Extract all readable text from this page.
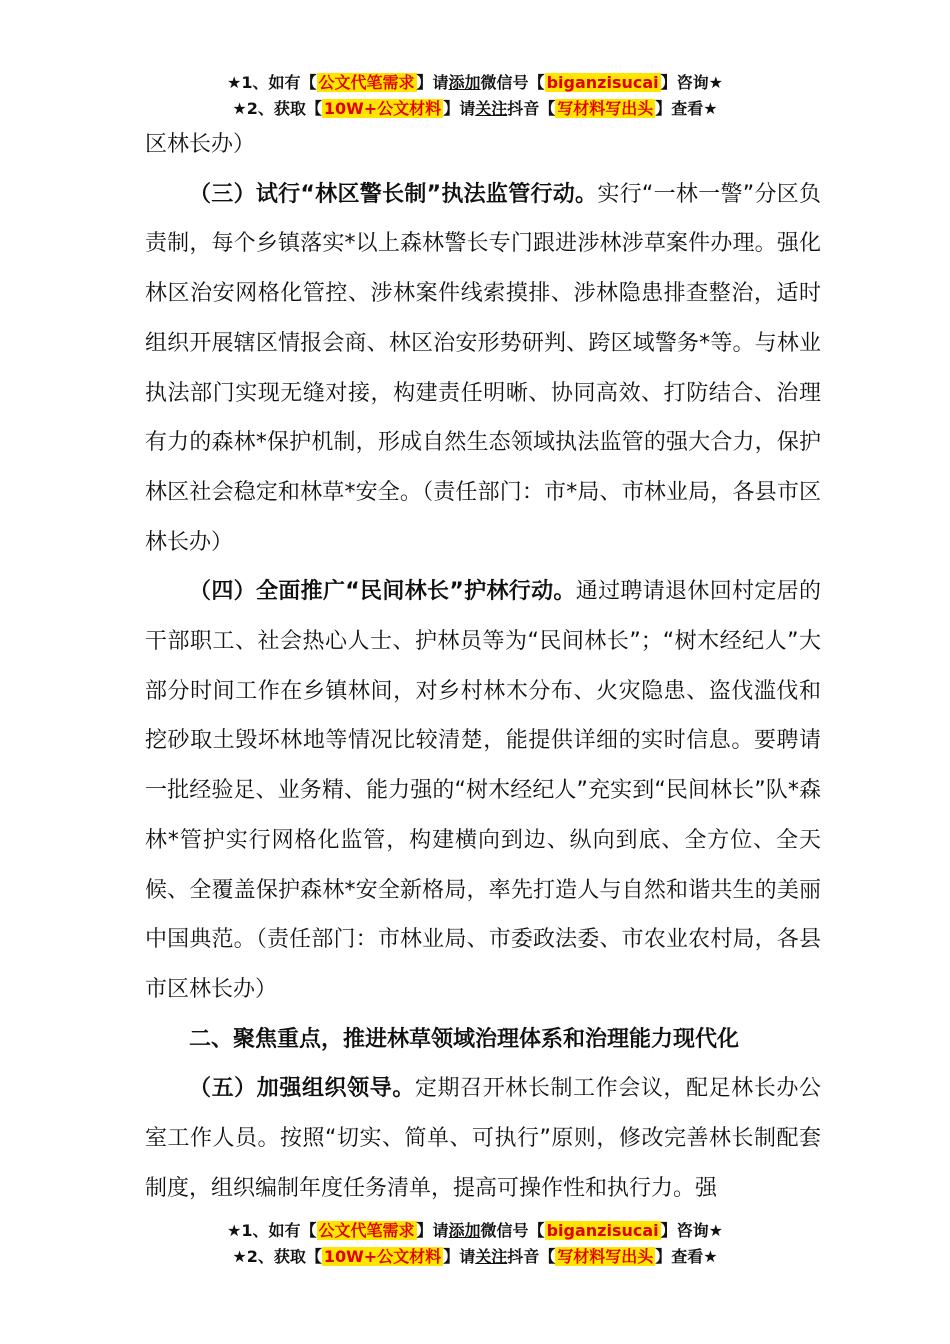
★1、如有【 公文代笔需求 】请添加微信号【 biganzisucai 】咨询★
★2、获取【 10W+公文材料 】请关注抖音【 写材料写出头 】查看★

区林长办）

（三）试行“林区警长制”执法监管行动。实行“一林一警”分区负责制，每个乡镇落实*以上森林警长专门跟进涉林涉草案件办理。强化林区治安网格化管控、涉林案件线索摸排、涉林隐患排查整治，适时组织开展辖区情报会商、林区治安形势研判、跨区域警务*等。与林业执法部门实现无缝对接，构建责任明晰、协同高效、打防结合、治理有力的森林*保护机制，形成自然生态领域执法监管的强大合力，保护林区社会稳定和林草*安全。（责任部门：市*局、市林业局，各县市区林长办）

（四）全面推广“民间林长”护林行动。通过聘请退休回村定居的干部职工、社会热心人士、护林员等为“民间林长”；“树木经纪人”大部分时间工作在乡镇林间，对乡村林木分布、火灾隐患、盗伐滥伐和挖砂取土毁坏林地等情况比较清楚，能提供详细的实时信息。要聘请一批经验足、业务精、能力强的“树木经纪人”充实到“民间林长”队*森林*管护实行网格化监管，构建横向到边、纵向到底、全方位、全天候、全覆盖保护森林*安全新格局，率先打造人与自然和谐共生的美丽中国典范。（责任部门：市林业局、市委政法委、市农业农村局，各县市区林长办）

二、聚焦重点，推进林草领域治理体系和治理能力现代化

（五）加强组织领导。定期召开林长制工作会议，配足林长办公室工作人员。按照“切实、简单、可执行”原则，修改完善林长制配套制度，组织编制年度任务清单，提高可操作性和执行力。强

★1、如有【 公文代笔需求 】请添加微信号【 biganzisucai 】咨询★
★2、获取【 10W+公文材料 】请关注抖音【 写材料写出头 】查看★
